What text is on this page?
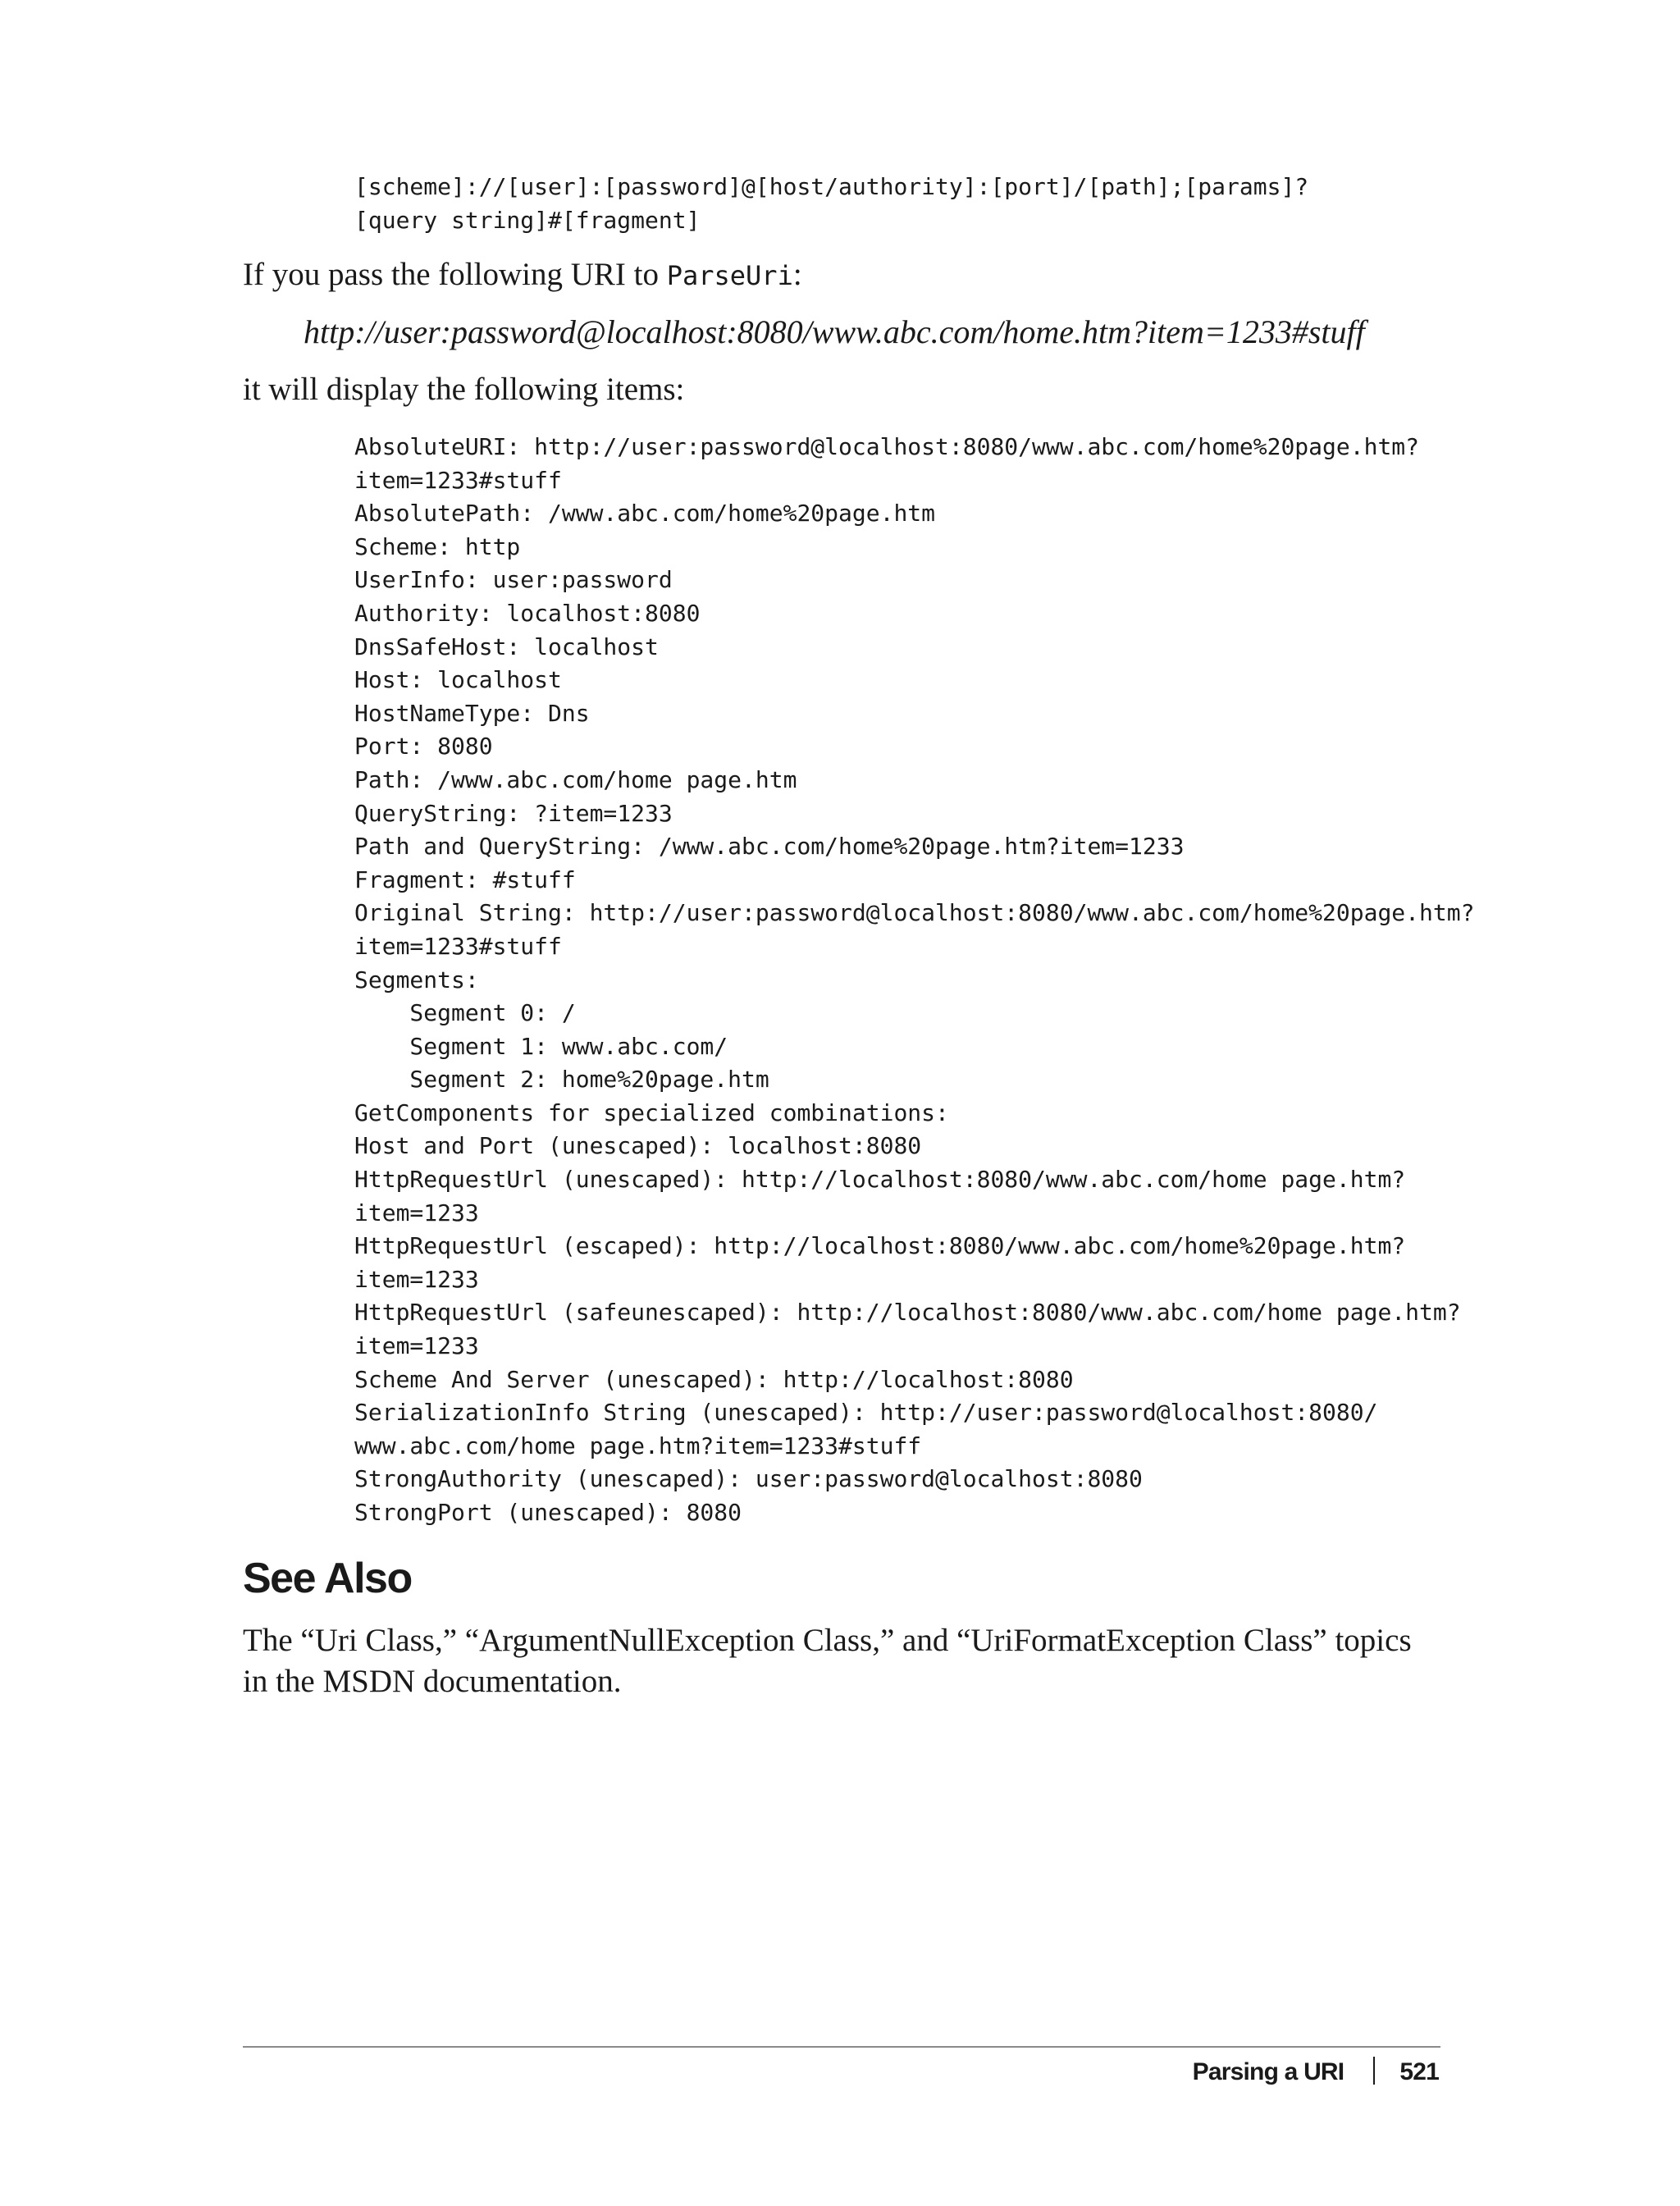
[scheme]://[user]:[password]@[host/authority]:[port]/[path];[params]?
[query string]#[fragment]

If you pass the following URI to ParseUri:

http://user:password@localhost:8080/www.abc.com/home.htm?item=1233#stuff

it will display the following items:

AbsoluteURI: http://user:password@localhost:8080/www.abc.com/home%20page.htm?
item=1233#stuff
AbsolutePath: /www.abc.com/home%20page.htm
Scheme: http
UserInfo: user:password
Authority: localhost:8080
DnsSafeHost: localhost
Host: localhost
HostNameType: Dns
Port: 8080
Path: /www.abc.com/home page.htm
QueryString: ?item=1233
Path and QueryString: /www.abc.com/home%20page.htm?item=1233
Fragment: #stuff
Original String: http://user:password@localhost:8080/www.abc.com/home%20page.htm?
item=1233#stuff
Segments:
Segment 0: /
Segment 1: www.abc.com/
Segment 2: home%20page.htm
GetComponents for specialized combinations:
Host and Port (unescaped): localhost:8080
HttpRequestUrl (unescaped): http://localhost:8080/www.abc.com/home page.htm?
item=1233
HttpRequestUrl (escaped): http://localhost:8080/www.abc.com/home%20page.htm?
item=1233
HttpRequestUrl (safeunescaped): http://localhost:8080/www.abc.com/home page.htm?
item=1233
Scheme And Server (unescaped): http://localhost:8080
SerializationInfo String (unescaped): http://user:password@localhost:8080/
www.abc.com/home page.htm?item=1233#stuff
StrongAuthority (unescaped): user:password@localhost:8080
StrongPort (unescaped): 8080
See Also

The “Uri Class,” “ArgumentNullException Class,” and “UriFormatException Class” topics in the MSDN documentation.

Parsing a URI 521
